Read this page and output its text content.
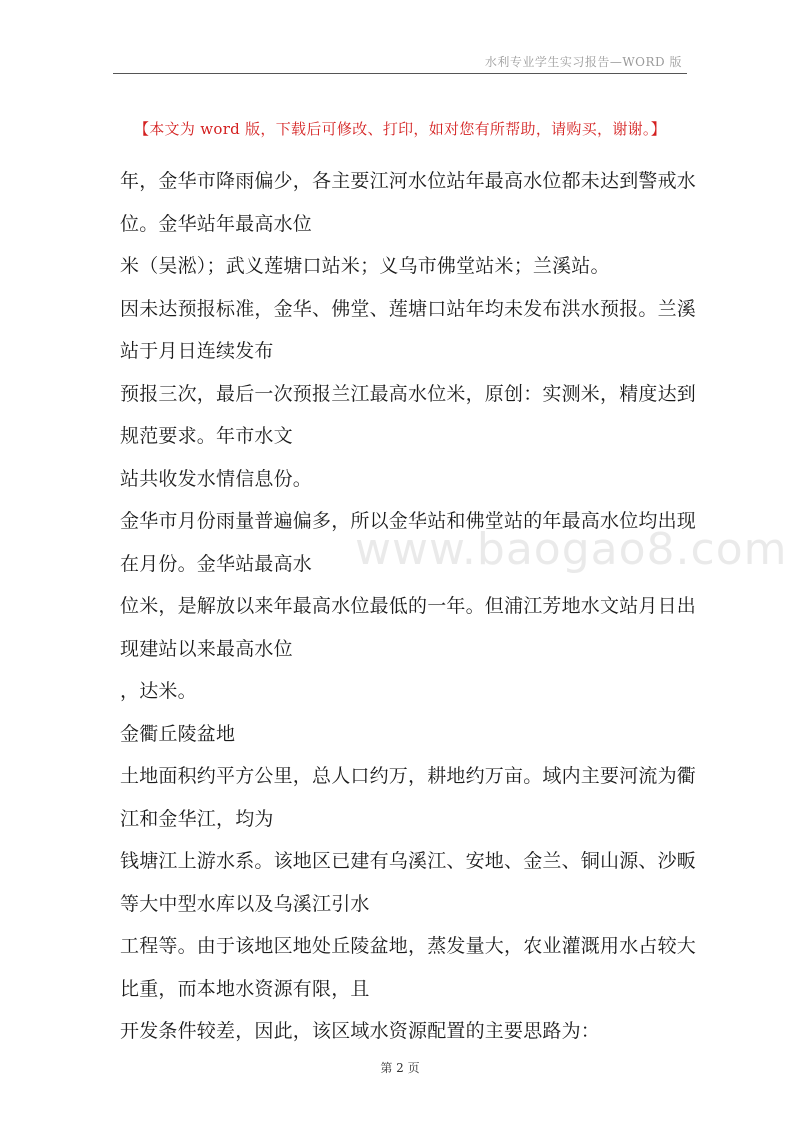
水利专业学生实习报告—WORD 版
【本文为 word 版，下载后可修改、打印，如对您有所帮助，请购买，谢谢。】
年，金华市降雨偏少，各主要江河水位站年最高水位都未达到警戒水
位。金华站年最高水位
米（吴淞）；武义莲塘口站米；义乌市佛堂站米；兰溪站。
因未达预报标准，金华、佛堂、莲塘口站年均未发布洪水预报。兰溪
站于月日连续发布
预报三次，最后一次预报兰江最高水位米，原创：实测米，精度达到
规范要求。年市水文
站共收发水情信息份。
金华市月份雨量普遍偏多，所以金华站和佛堂站的年最高水位均出现
在月份。金华站最高水
位米，是解放以来年最高水位最低的一年。但浦江芳地水文站月日出
现建站以来最高水位
，达米。
金衢丘陵盆地
土地面积约平方公里，总人口约万，耕地约万亩。域内主要河流为衢
江和金华江，均为
钱塘江上游水系。该地区已建有乌溪江、安地、金兰、铜山源、沙畈
等大中型水库以及乌溪江引水
工程等。由于该地区地处丘陵盆地，蒸发量大，农业灌溉用水占较大
比重，而本地水资源有限，且
开发条件较差，因此，该区域水资源配置的主要思路为：
www.baogao8.com
第 2 页
